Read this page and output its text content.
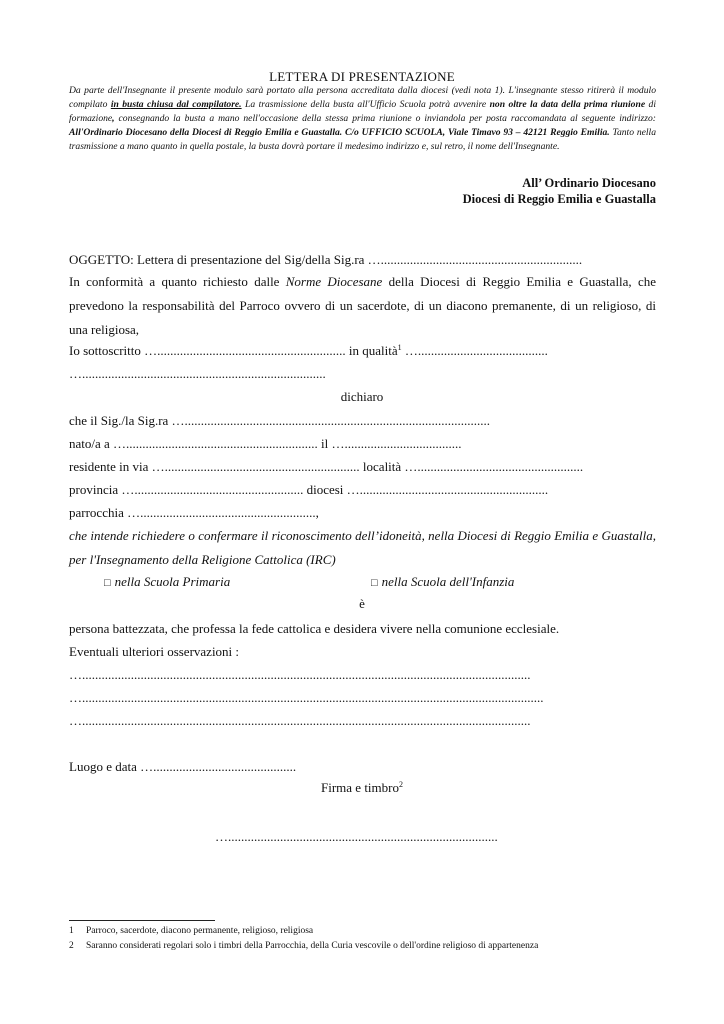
LETTERA DI PRESENTAZIONE
Da parte dell'Insegnante il presente modulo sarà portato alla persona accreditata dalla diocesi (vedi nota 1). L'insegnante stesso ritirerà il modulo compilato in busta chiusa dal compilatore. La trasmissione della busta all'Ufficio Scuola potrà avvenire non oltre la data della prima riunione di formazione, consegnando la busta a mano nell'occasione della stessa prima riunione o inviandola per posta raccomandata al seguente indirizzo: All'Ordinario Diocesano della Diocesi di Reggio Emilia e Guastalla. C/o UFFICIO SCUOLA, Viale Timavo 93 – 42121 Reggio Emilia. Tanto nella trasmissione a mano quanto in quella postale, la busta dovrà portare il medesimo indirizzo e, sul retro, il nome dell'Insegnante.
All’ Ordinario Diocesano
Diocesi di Reggio Emilia e Guastalla
OGGETTO: Lettera di presentazione del Sig/della Sig.ra …..............................................................
In conformità a quanto richiesto dalle Norme Diocesane della Diocesi di Reggio Emilia e Guastalla, che prevedono la responsabilità del Parroco ovvero di un sacerdote, di un diacono premanente, di un religioso, di una religiosa,
Io sottoscritto ….......................................................... in qualità$^1$ …........................................
…...........................................................................
dichiaro
che il Sig./la Sig.ra …..............................................................................................
nato/a a …........................................................... il …....................................
residente in via …............................................................ località …...................................................
provincia ….................................................... diocesi …..........................................................
parrocchia …......................................................,
che intende richiedere o confermare il riconoscimento dell’idoneità, nella Diocesi di Reggio Emilia e Guastalla, per l'Insegnamento della Religione Cattolica (IRC)
□ nella Scuola Primaria	□ nella Scuola dell'Infanzia
è
persona battezzata, che professa la fede cattolica e desidera vivere nella comunione ecclesiale.
Eventuali ulteriori osservazioni :
…..........................................................................................................................................
…..............................................................................................................................................
…..........................................................................................................................................
Luogo e data …............................................
Firma e timbro$^2$
…...................................................................................
1 Parroco, sacerdote, diacono permanente, religioso, religiosa
2 Saranno considerati regolari solo i timbri della Parrocchia, della Curia vescovile o dell'ordine religioso di appartenenza
